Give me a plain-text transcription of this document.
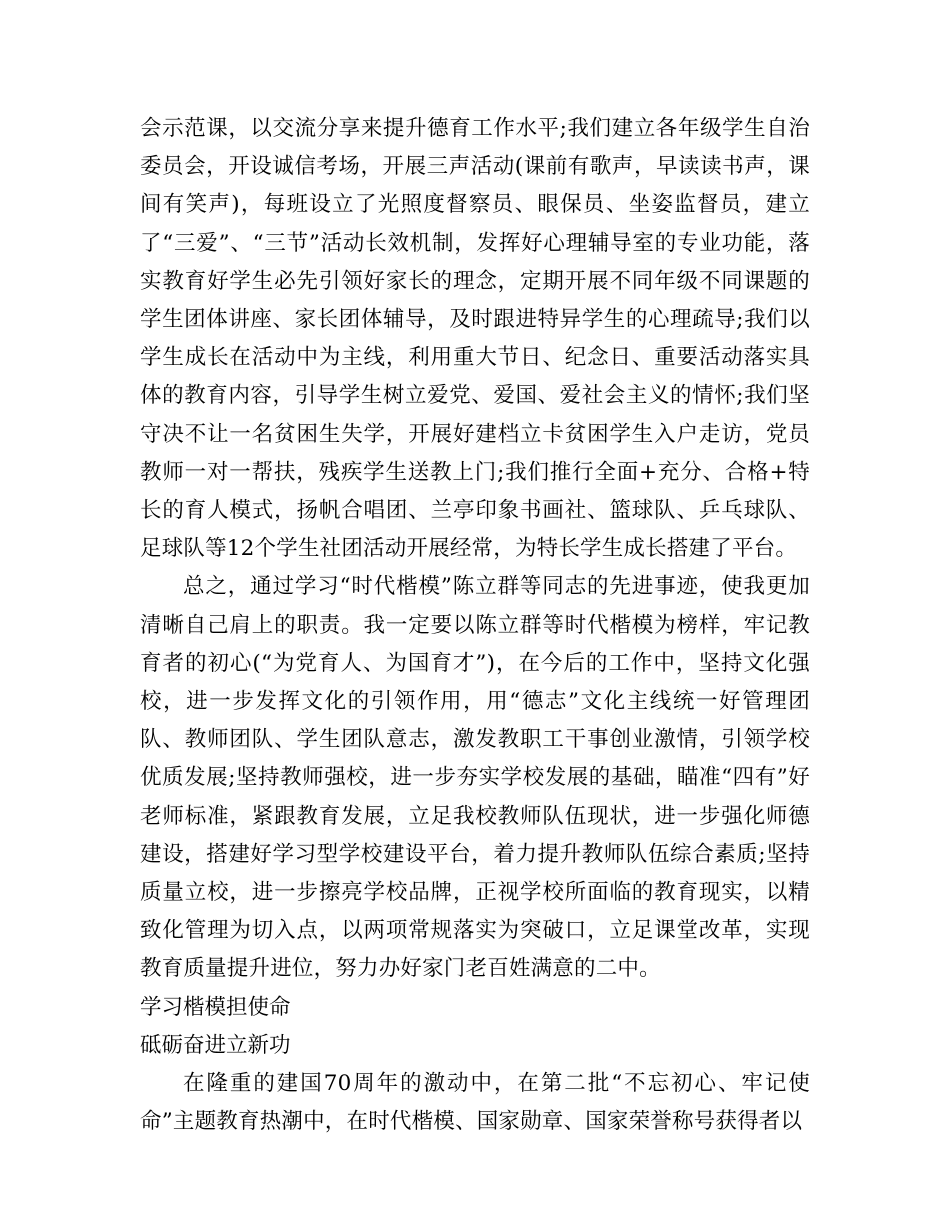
会示范课，以交流分享来提升德育工作水平;我们建立各年级学生自治委员会，开设诚信考场，开展三声活动(课前有歌声，早读读书声，课间有笑声)，每班设立了光照度督察员、眼保员、坐姿监督员，建立了“三爱”、“三节”活动长效机制，发挥好心理辅导室的专业功能，落实教育好学生必先引领好家长的理念，定期开展不同年级不同课题的学生团体讲座、家长团体辅导，及时跟进特异学生的心理疏导;我们以学生成长在活动中为主线，利用重大节日、纪念日、重要活动落实具体的教育内容，引导学生树立爱党、爱国、爱社会主义的情怀;我们坚守决不让一名贫困生失学，开展好建档立卡贫困学生入户走访，党员教师一对一帮扶，残疾学生送教上门;我们推行全面+充分、合格+特长的育人模式，扬帆合唱团、兰亭印象书画社、篮球队、乒乓球队、足球队等12个学生社团活动开展经常，为特长学生成长搭建了平台。

总之，通过学习“时代楷模”陈立群等同志的先进事迹，使我更加清晰自己肩上的职责。我一定要以陈立群等时代楷模为榜样，牢记教育者的初心(“为党育人、为国育才”)，在今后的工作中，坚持文化强校，进一步发挥文化的引领作用，用“德志”文化主线统一好管理团队、教师团队、学生团队意志，激发教职工干事创业激情，引领学校优质发展;坚持教师强校，进一步夯实学校发展的基础，瞄准“四有”好老师标准，紧跟教育发展，立足我校教师队伍现状，进一步强化师德建设，搭建好学习型学校建设平台，着力提升教师队伍综合素质;坚持质量立校，进一步擦亮学校品牌，正视学校所面临的教育现实，以精致化管理为切入点，以两项常规落实为突破口，立足课堂改革，实现教育质量提升进位，努力办好家门老百姓满意的二中。

学习楷模担使命

砥砺奋进立新功

在隆重的建国70周年的激动中，在第二批“不忘初心、牢记使命”主题教育热潮中，在时代楷模、国家勋章、国家荣誉称号获得者以
